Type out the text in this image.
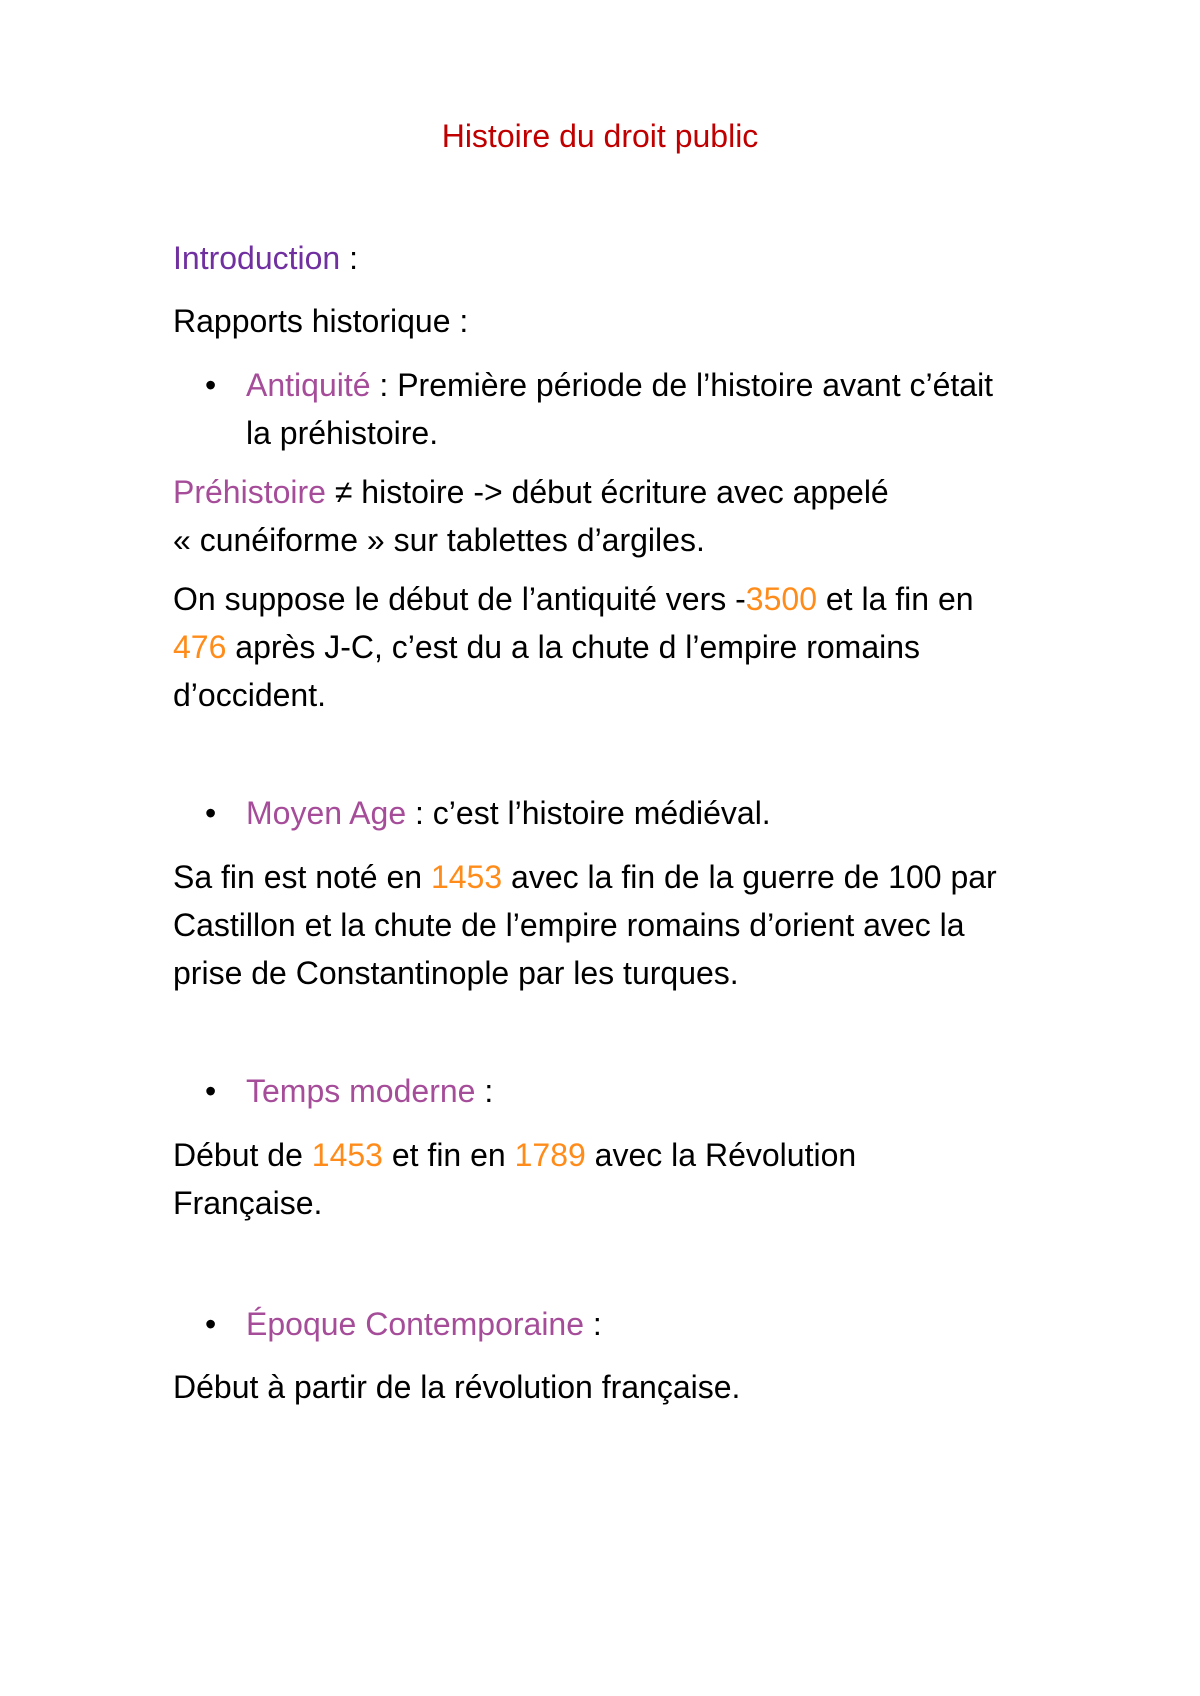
Histoire du droit public

Introduction :

Rapports historique :

• Antiquité : Première période de l’histoire avant c’était
la préhistoire.

Préhistoire ≠ histoire -> début écriture avec appelé
« cunéiforme » sur tablettes d’argiles.

On suppose le début de l’antiquité vers -3500 et la fin en
476 après J-C, c’est du a la chute d l’empire romains
d’occident.

• Moyen Age : c’est l’histoire médiéval.

Sa fin est noté en 1453 avec la fin de la guerre de 100 par
Castillon et la chute de l’empire romains d’orient avec la
prise de Constantinople par les turques.

• Temps moderne :

Début de 1453 et fin en 1789 avec la Révolution
Française.

• Époque Contemporaine :

Début à partir de la révolution française.
